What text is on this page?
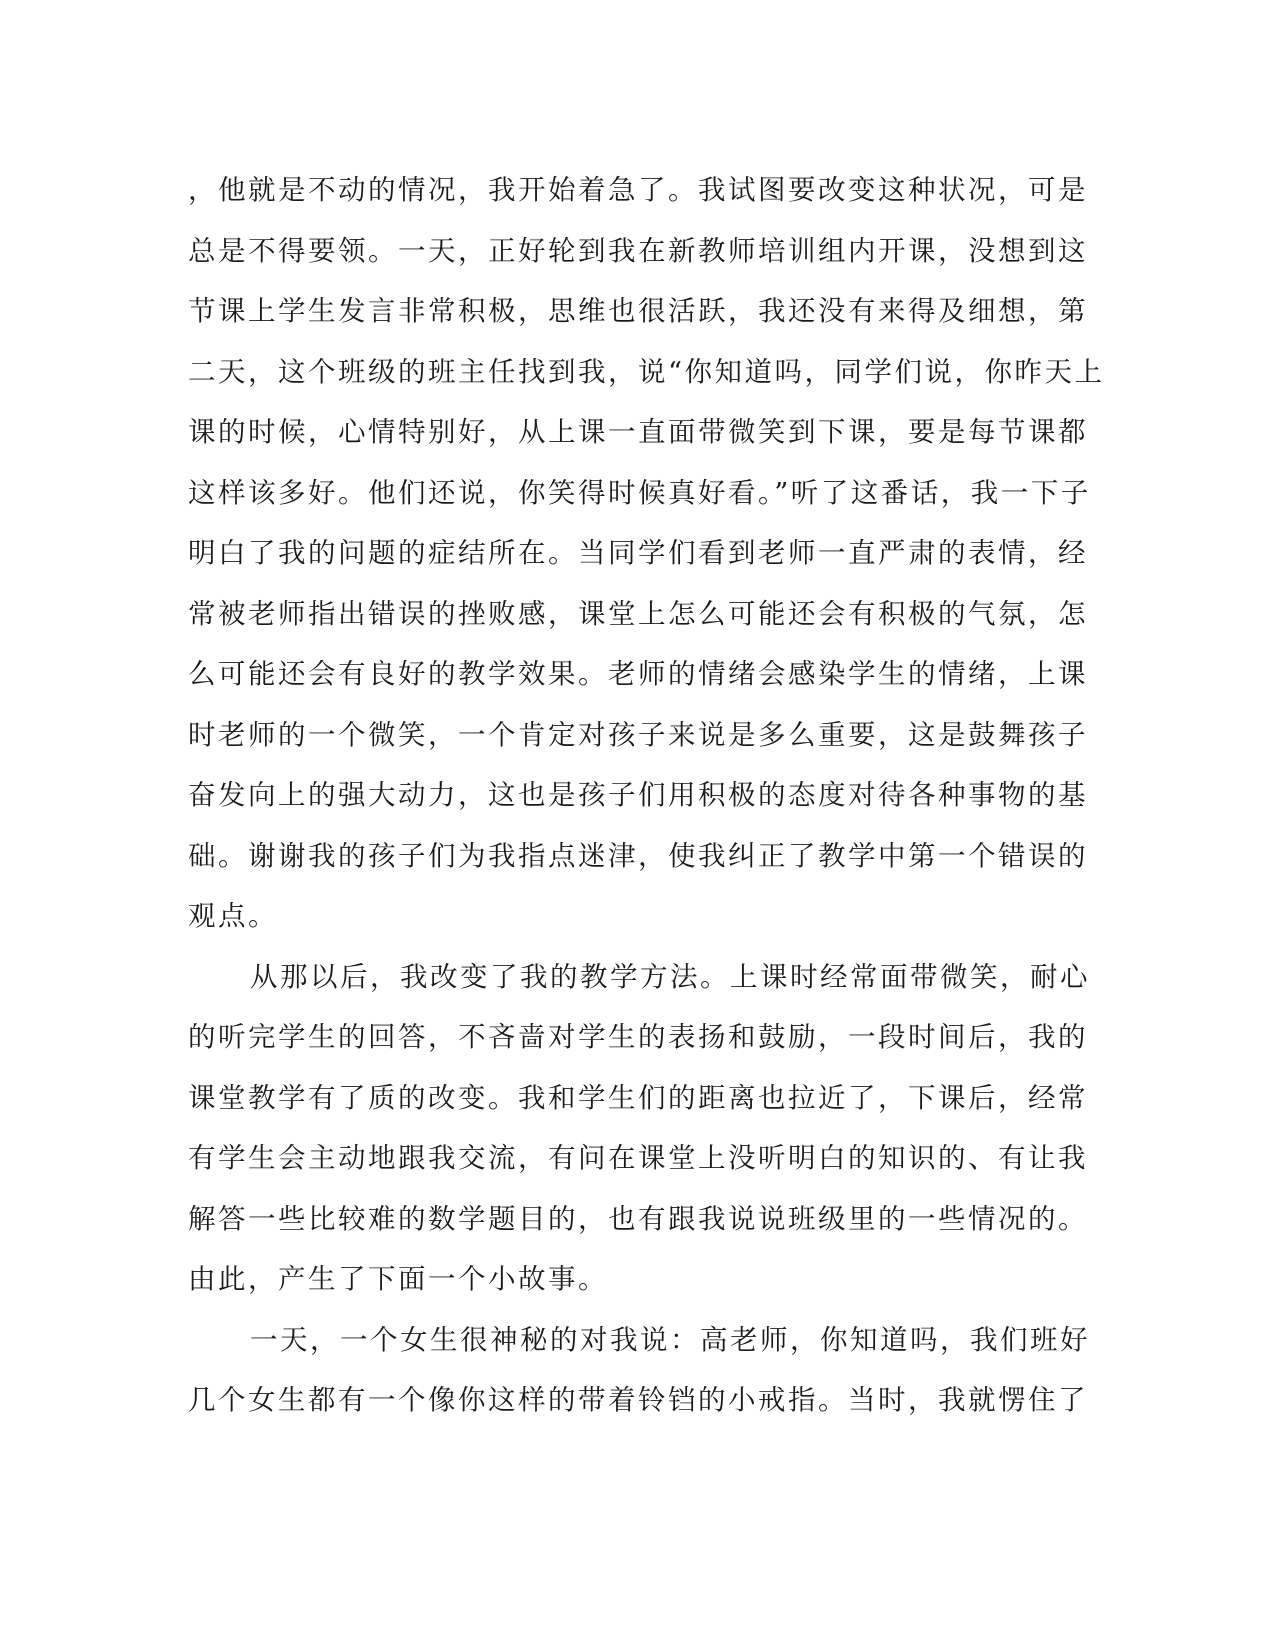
，他就是不动的情况，我开始着急了。我试图要改变这种状况，可是
总是不得要领。一天，正好轮到我在新教师培训组内开课，没想到这
节课上学生发言非常积极，思维也很活跃，我还没有来得及细想，第
二天，这个班级的班主任找到我，说“你知道吗，同学们说，你昨天上
课的时候，心情特别好，从上课一直面带微笑到下课，要是每节课都
这样该多好。他们还说，你笑得时候真好看。”听了这番话，我一下子
明白了我的问题的症结所在。当同学们看到老师一直严肃的表情，经
常被老师指出错误的挫败感，课堂上怎么可能还会有积极的气氛，怎
么可能还会有良好的教学效果。老师的情绪会感染学生的情绪，上课
时老师的一个微笑，一个肯定对孩子来说是多么重要，这是鼓舞孩子
奋发向上的强大动力，这也是孩子们用积极的态度对待各种事物的基
础。谢谢我的孩子们为我指点迷津，使我纠正了教学中第一个错误的
观点。
从那以后，我改变了我的教学方法。上课时经常面带微笑，耐心
的听完学生的回答，不吝啬对学生的表扬和鼓励，一段时间后，我的
课堂教学有了质的改变。我和学生们的距离也拉近了，下课后，经常
有学生会主动地跟我交流，有问在课堂上没听明白的知识的、有让我
解答一些比较难的数学题目的，也有跟我说说班级里的一些情况的。
由此，产生了下面一个小故事。
一天，一个女生很神秘的对我说：高老师，你知道吗，我们班好
几个女生都有一个像你这样的带着铃铛的小戒指。当时，我就愣住了
